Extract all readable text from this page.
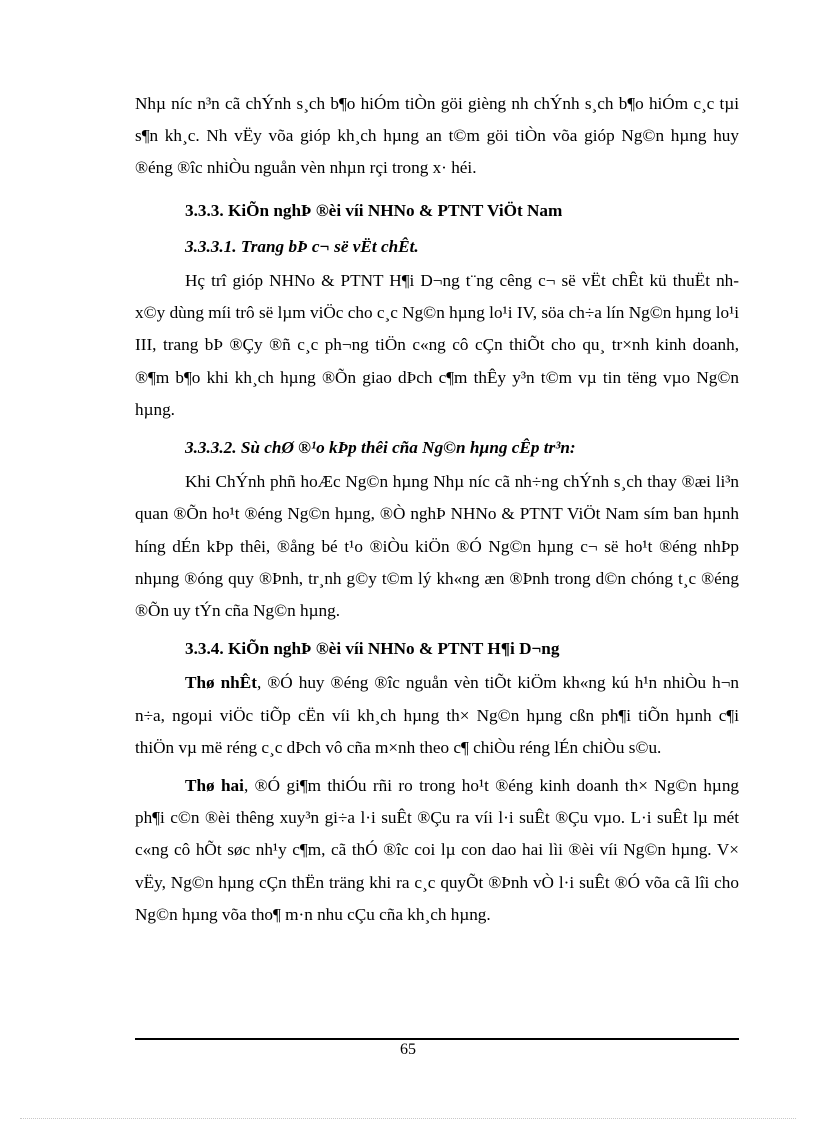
Nhµ níc n³n cã chÝnh s¸ch b¶o hiÓm tiÒn göi gièng nh chÝnh s¸ch b¶o hiÓm c¸c tµi s¶n kh¸c. Nh vËy võa gióp kh¸ch hµng an t©m göi tiÒn võa gióp Ng©n hµng huy ®éng ®îc nhiÒu nguån vèn nhµn rçi trong x· héi.

3.3.3. KiÕn nghÞ ®èi víi NHNo & PTNT ViÖt Nam
3.3.3.1. Trang bÞ c¬ së vËt chÊt.

Hç trî gióp NHNo & PTNT H¶i D¬ng t¨ng cêng c¬ së vËt chÊt kü thuËt nh x©y dùng míi trô së lµm viÖc cho c¸c Ng©n hµng lo¹i IV, söa ch÷a lín Ng©n hµng lo¹i III, trang bÞ ®Çy ®ñ c¸c ph¬ng tiÖn c«ng cô cÇn thiÕt cho qu¸ tr×nh kinh doanh, ®¶m b¶o khi kh¸ch hµng ®Õn giao dÞch c¶m thÊy y³n t©m vµ tin tëng vµo Ng©n hµng.

3.3.3.2. Sù chØ ®¹o kÞp thêi cña Ng©n hµng cÊp tr³n:

Khi ChÝnh phñ hoÆc Ng©n hµng Nhµ níc cã nh÷ng chÝnh s¸ch thay ®æi li³n quan ®Õn ho¹t ®éng Ng©n hµng, ®Ò nghÞ NHNo & PTNT ViÖt Nam sím ban hµnh híng dÉn kÞp thêi, ®ång bé t¹o ®iÒu kiÖn ®Ó Ng©n hµng c¬ së ho¹t ®éng nhÞp nhµng ®óng quy ®Þnh, tr¸nh g©y t©m lý kh«ng æn ®Þnh trong d©n chóng t¸c ®éng ®Õn uy tÝn cña Ng©n hµng.

3.3.4. KiÕn nghÞ ®èi víi NHNo & PTNT H¶i D¬ng

Thø nhÊt, ®Ó huy ®éng ®îc nguån vèn tiÕt kiÖm kh«ng kú h¹n nhiÒu h¬n n÷a, ngoµi viÖc tiÕp cËn víi kh¸ch hµng th× Ng©n hµng cßn ph¶i tiÕn hµnh c¶i thiÖn vµ më réng c¸c dÞch vô cña m×nh theo c¶ chiÒu réng lÉn chiÒu s©u.

Thø hai, ®Ó gi¶m thiÓu rñi ro trong ho¹t ®éng kinh doanh th× Ng©n hµng ph¶i c©n ®èi thêng xuy³n gi÷a l·i suÊt ®Çu ra víi l·i suÊt ®Çu vµo. L·i suÊt lµ mét c«ng cô hÕt søc nh¹y c¶m, cã thÓ ®îc coi lµ con dao hai lìi ®èi víi Ng©n hµng. V× vËy, Ng©n hµng cÇn thËn träng khi ra c¸c quyÕt ®Þnh vÒ l·i suÊt ®Ó võa cã lîi cho Ng©n hµng võa tho¶ m·n nhu cÇu cña kh¸ch hµng.

65
